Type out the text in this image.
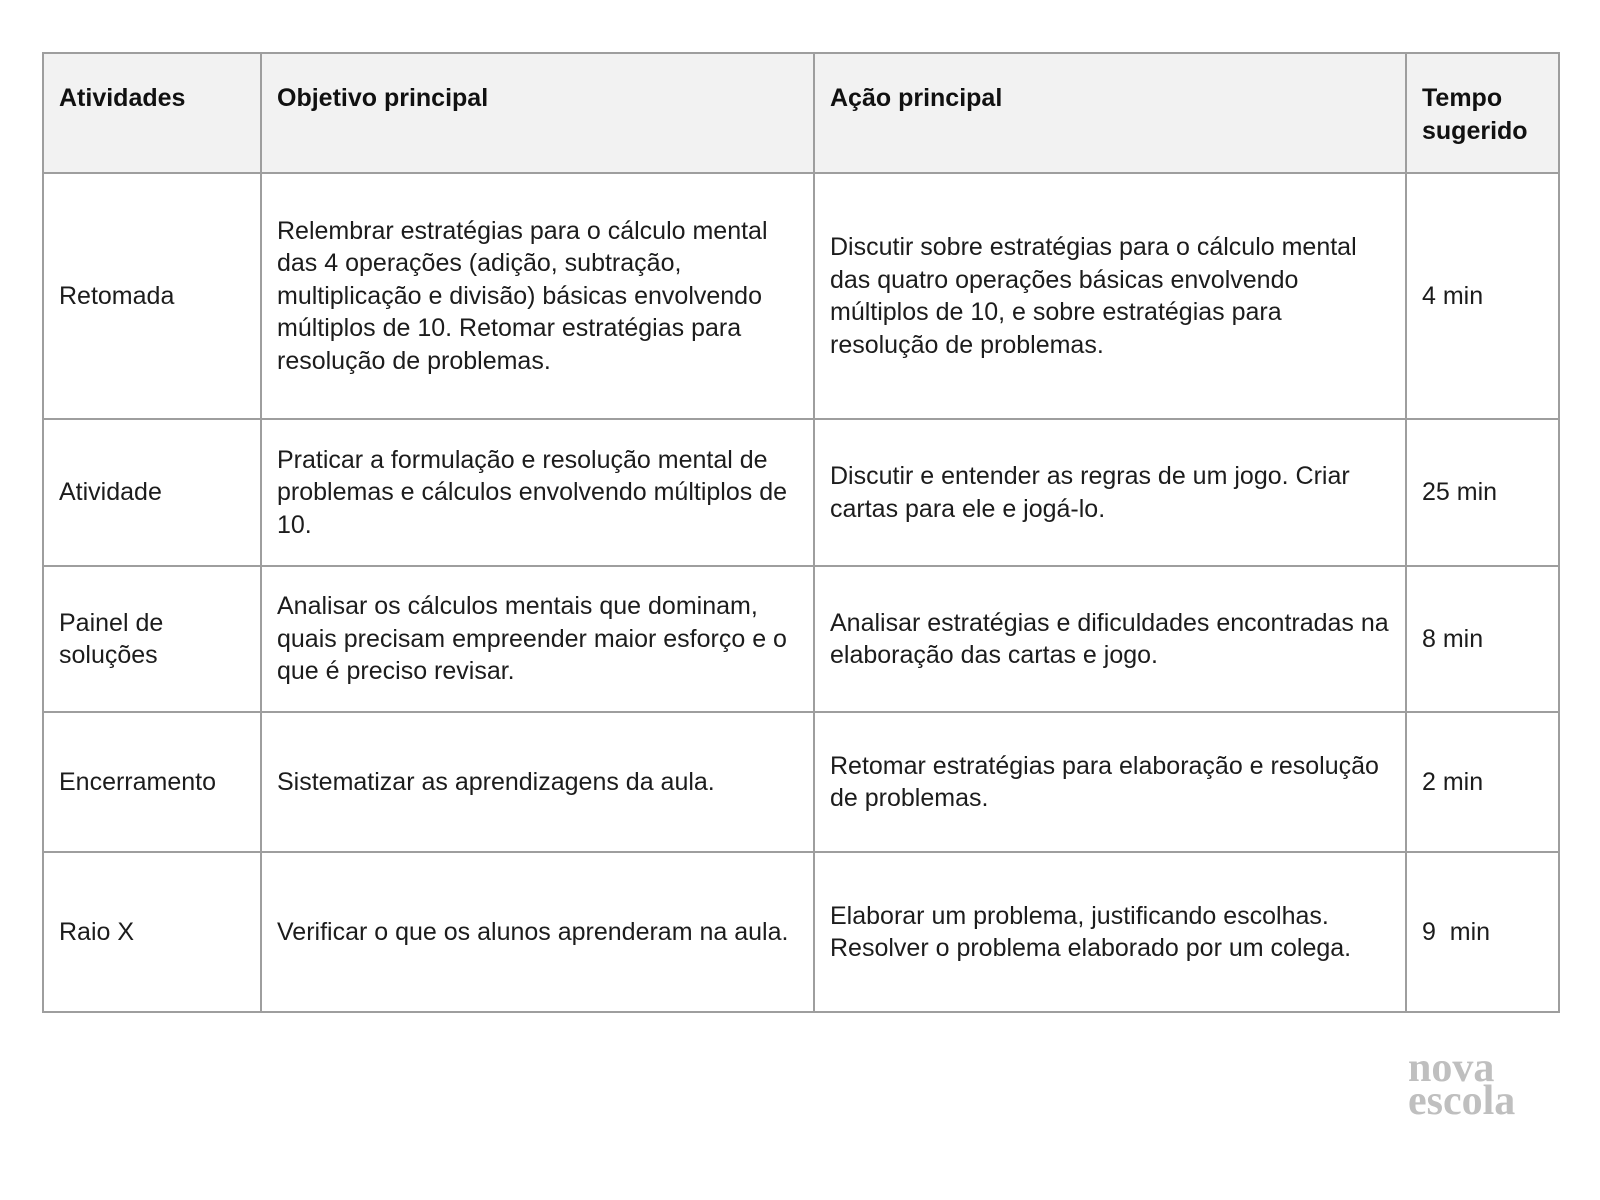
Atividades	Objetivo principal	Ação principal	Tempo sugerido
Retomada	Relembrar estratégias para o cálculo mental das 4 operações (adição, subtração, multiplicação e divisão) básicas envolvendo múltiplos de 10. Retomar estratégias para resolução de problemas.	Discutir sobre estratégias para o cálculo mental das quatro operações básicas envolvendo múltiplos de 10, e sobre estratégias para resolução de problemas.	4 min
Atividade	Praticar a formulação e resolução mental de problemas e cálculos envolvendo múltiplos de 10.	Discutir e entender as regras de um jogo. Criar cartas para ele e jogá-lo.	25 min
Painel de soluções	Analisar os cálculos mentais que dominam, quais precisam empreender maior esforço e o que é preciso revisar.	Analisar estratégias e dificuldades encontradas na elaboração das cartas e jogo.	8 min
Encerramento	Sistematizar as aprendizagens da aula.	Retomar estratégias para elaboração e resolução de problemas.	2 min
Raio X	Verificar o que os alunos aprenderam na aula.	Elaborar um problema, justificando escolhas. Resolver o problema elaborado por um colega.	9  min
nova
escola
